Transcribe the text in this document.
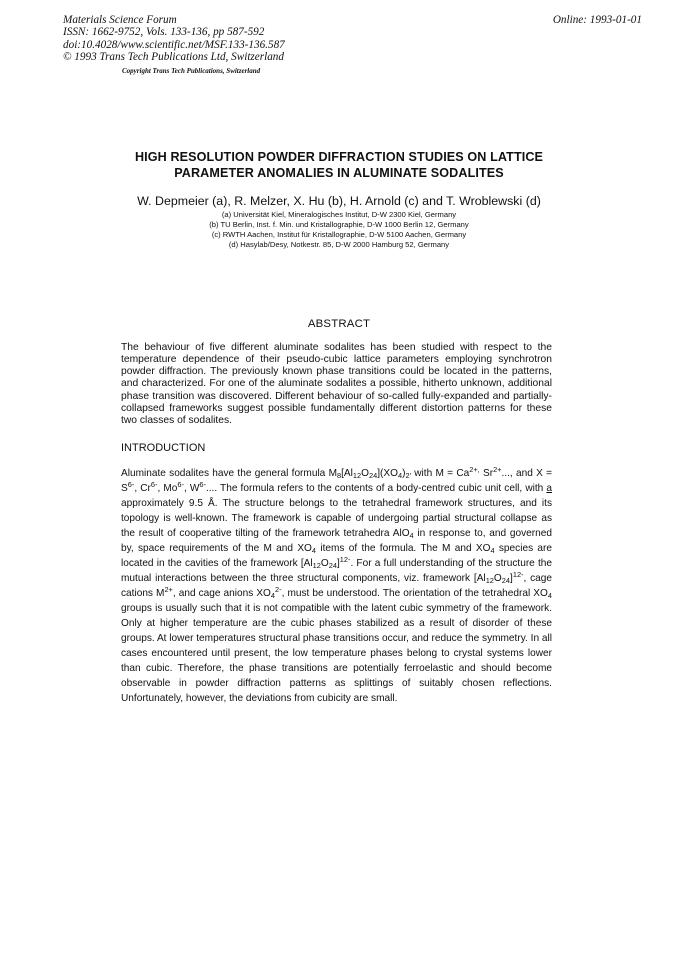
Materials Science Forum
ISSN: 1662-9752, Vols. 133-136, pp 587-592
doi:10.4028/www.scientific.net/MSF.133-136.587
© 1993 Trans Tech Publications Ltd, Switzerland
Online: 1993-01-01
Copyright Trans Tech Publications, Switzerland
HIGH RESOLUTION POWDER DIFFRACTION STUDIES ON LATTICE
PARAMETER ANOMALIES IN ALUMINATE SODALITES
W. Depmeier (a), R. Melzer, X. Hu (b), H. Arnold (c) and T. Wroblewski (d)
(a) Universität Kiel, Mineralogisches Institut, D-W 2300 Kiel, Germany
(b) TU Berlin, Inst. f. Min. und Kristallographie, D-W 1000 Berlin 12, Germany
(c) RWTH Aachen, Institut für Kristallographie, D-W 5100 Aachen, Germany
(d) Hasylab/Desy, Notkestr. 85, D-W 2000 Hamburg 52, Germany
ABSTRACT
The behaviour of five different aluminate sodalites has been studied with respect to the temperature dependence of their pseudo-cubic lattice parameters employing synchrotron powder diffraction. The previously known phase transitions could be located in the patterns, and characterized. For one of the aluminate sodalites a possible, hitherto unknown, additional phase transition was discovered. Different behaviour of so-called fully-expanded and partially-collapsed frameworks suggest possible fundamentally different distortion patterns for these two classes of sodalites.
INTRODUCTION
Aluminate sodalites have the general formula $M_8[Al_{12}O_{24}](XO_4)_{2'}$ with $M = Ca^{2+,}$ $Sr^{2+}$..., and $X = S^{6-}$, $Cr^{6-}$, $Mo^{6-}$, $W^{6-}$.... The formula refers to the contents of a body-centred cubic unit cell, with a approximately 9.5 Å. The structure belongs to the tetrahedral framework structures, and its topology is well-known. The framework is capable of undergoing partial structural collapse as the result of cooperative tilting of the framework tetrahedra AlO$_4$ in response to, and governed by, space requirements of the M and $XO_4$ items of the formula. The M and $XO_4$ species are located in the cavities of the framework $[Al_{12}O_{24}]^{12-}$. For a full understanding of the structure the mutual interactions between the three structural components, viz. framework $[Al_{12}O_{24}]^{12-}$, cage cations $M^{2+}$, and cage anions $XO_4^{2-}$, must be understood. The orientation of the tetrahedral $XO_4$ groups is usually such that it is not compatible with the latent cubic symmetry of the framework. Only at higher temperature are the cubic phases stabilized as a result of disorder of these groups. At lower temperatures structural phase transitions occur, and reduce the symmetry. In all cases encountered until present, the low temperature phases belong to crystal systems lower than cubic. Therefore, the phase transitions are potentially ferroelastic and should become observable in powder diffraction patterns as splittings of suitably chosen reflections. Unfortunately, however, the deviations from cubicity are small.
